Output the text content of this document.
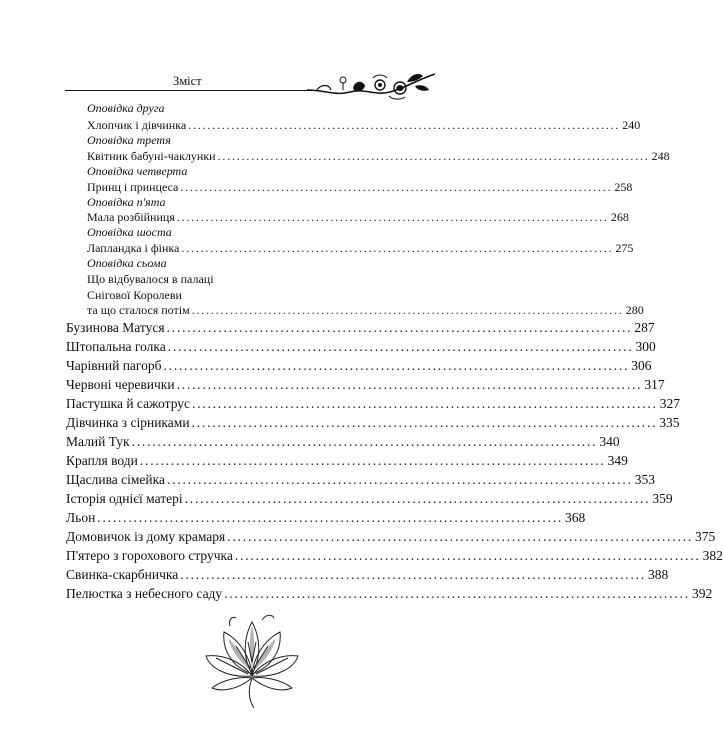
Зміст
Оповідка друга
Хлопчик і дівчинка .......................................................................................... 240
Оповідка третя
Квітник бабуні-чаклунки .......................................................................................... 248
Оповідка четверта
Принц і принцеса .......................................................................................... 258
Оповідка п'ята
Мала розбійниця .......................................................................................... 268
Оповідка шоста
Лапландка і фінка .......................................................................................... 275
Оповідка сьома
Що відбувалося в палаці
Снігової Королеви
та що сталося потім .......................................................................................... 280
Бузинова Матуся .......................................................................................... 287
Штопальна голка .......................................................................................... 300
Чарівний пагорб .......................................................................................... 306
Червоні черевички .......................................................................................... 317
Пастушка й сажотрус .......................................................................................... 327
Дівчинка з сірниками .......................................................................................... 335
Малий Тук .......................................................................................... 340
Крапля води .......................................................................................... 349
Щаслива сімейка .......................................................................................... 353
Історія однієї матері .......................................................................................... 359
Льон .......................................................................................... 368
Домовичок із дому крамаря .......................................................................................... 375
П'ятеро з горохового стручка .......................................................................................... 382
Свинка-скарбничка .......................................................................................... 388
Пелюстка з небесного саду .......................................................................................... 392
